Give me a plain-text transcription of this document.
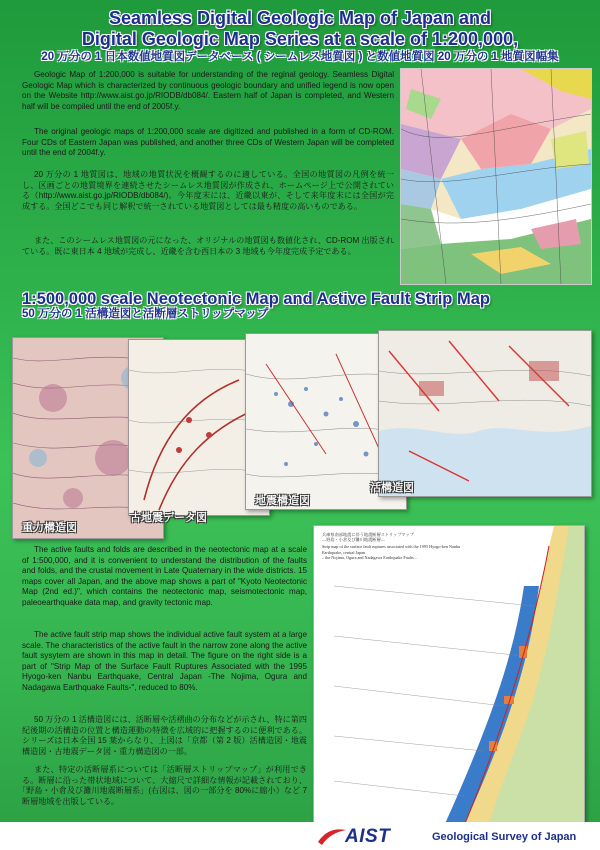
Seamless Digital Geologic Map of Japan and
Digital Geologic Map Series at a scale of 1:200,000,
20 万分の 1 日本数値地質図データベース ( シームレス地質図 ) と数値地質図 20 万分の 1 地質図幅集

Geologic Map of 1:200,000 is suitable for understanding of the reginal geology. Seamless Digital Geologic Map which is characterized by continuous geologic boundary and unified legend is now open on the Website http://www.aist.go.jp/RIODB/db084/. Eastern half of Japan is completed, and Western half will be compiled until the end of 2005f.y.

The original geologic maps of 1:200,000 scale are digitized and published in a form of CD-ROM. Four CDs of Eastern Japan was published, and another three CDs of Western Japan will be completed until the end of 2004f.y.

20 万分の 1 地質図は、地域の地質状況を概観するのに適している。全国の地質図の凡例を統一し、区画ごとの地質境界を連続させたシームレス地質図が作成され、ホームページ上で公開されている（http://www.aist.go.jp/RIODB/db084/)。今年度末には、近畿以東が、そして来年度末には全国が完成する。全国どこでも同じ解釈で統一されている地質図としては最も精度の高いものである。

また、このシームレス地質図の元になった、オリジナルの地質図も数値化され、CD-ROM 出版されている。既に東日本 4 地域が完成し、近畿を含む西日本の 3 地域も今年度完成予定である。

1:500,000 scale Neotectonic Map and Active Fault Strip Map
50 万分の 1 活構造図と活断層ストリップマップ
重力構造図
古地震データ図
地震構造図
活構造図

The active faults and folds are described in the neotectonic map at a scale of 1:500,000, and it is convenient to understand the distribution of the faults and folds, and the crustal movement in Late Quaternary in the wide districts. 15 maps cover all Japan, and the above map shows a part of "Kyoto Neotectonic Map (2nd ed.)", which contains the neotectonic map, seismotectonic map, paleoearthquake data map, and gravity tectonic map.

The active fault strip map shows the individual active fault system at a large scale. The characteristics of the active fault in the narrow zone along the active fault sysytem are shown in this map in detail. The figure on the right side is a part of "Strip Map of the Surface Fault Ruptures Associated with the 1995 Hyogo-ken Nanbu Earthquake, Central Japan -The Nojima, Ogura and Nadagawa Earthquake Faults-", reduced to 80%.

50 万分の 1 活構造図には、活断層や活褶曲の分布などが示され、特に第四紀後期の活構造の位置と構造運動の特徴を広域的に把握するのに便利である。シリーズは日本全国 15 葉からなり、上図は「京都（第 2 版）活構造図・地震構造図・古地震データ図・重力構造図の一部。

また、特定の活断層系については「活断層ストリップマップ」が利用できる。断層に沿った帯状地域について、大縮尺で詳細な情報が記載されており、｢野島・小倉及び灘川地震断層系」(右図は、図の一部分を 80%に縮小）など 7 断層地域を出版している。

兵庫県南部地震に伴う地震断層ストリップマップ
―野島・小倉及び灘川地震断層―
Strip map of the surface fault ruptures associated with the 1995 Hyogo-ken Nanbu Earthquake, central Japan
– the Nojima, Ogura and Nadagawa Earthquake Faults –
AIST	Geological Survey of Japan
